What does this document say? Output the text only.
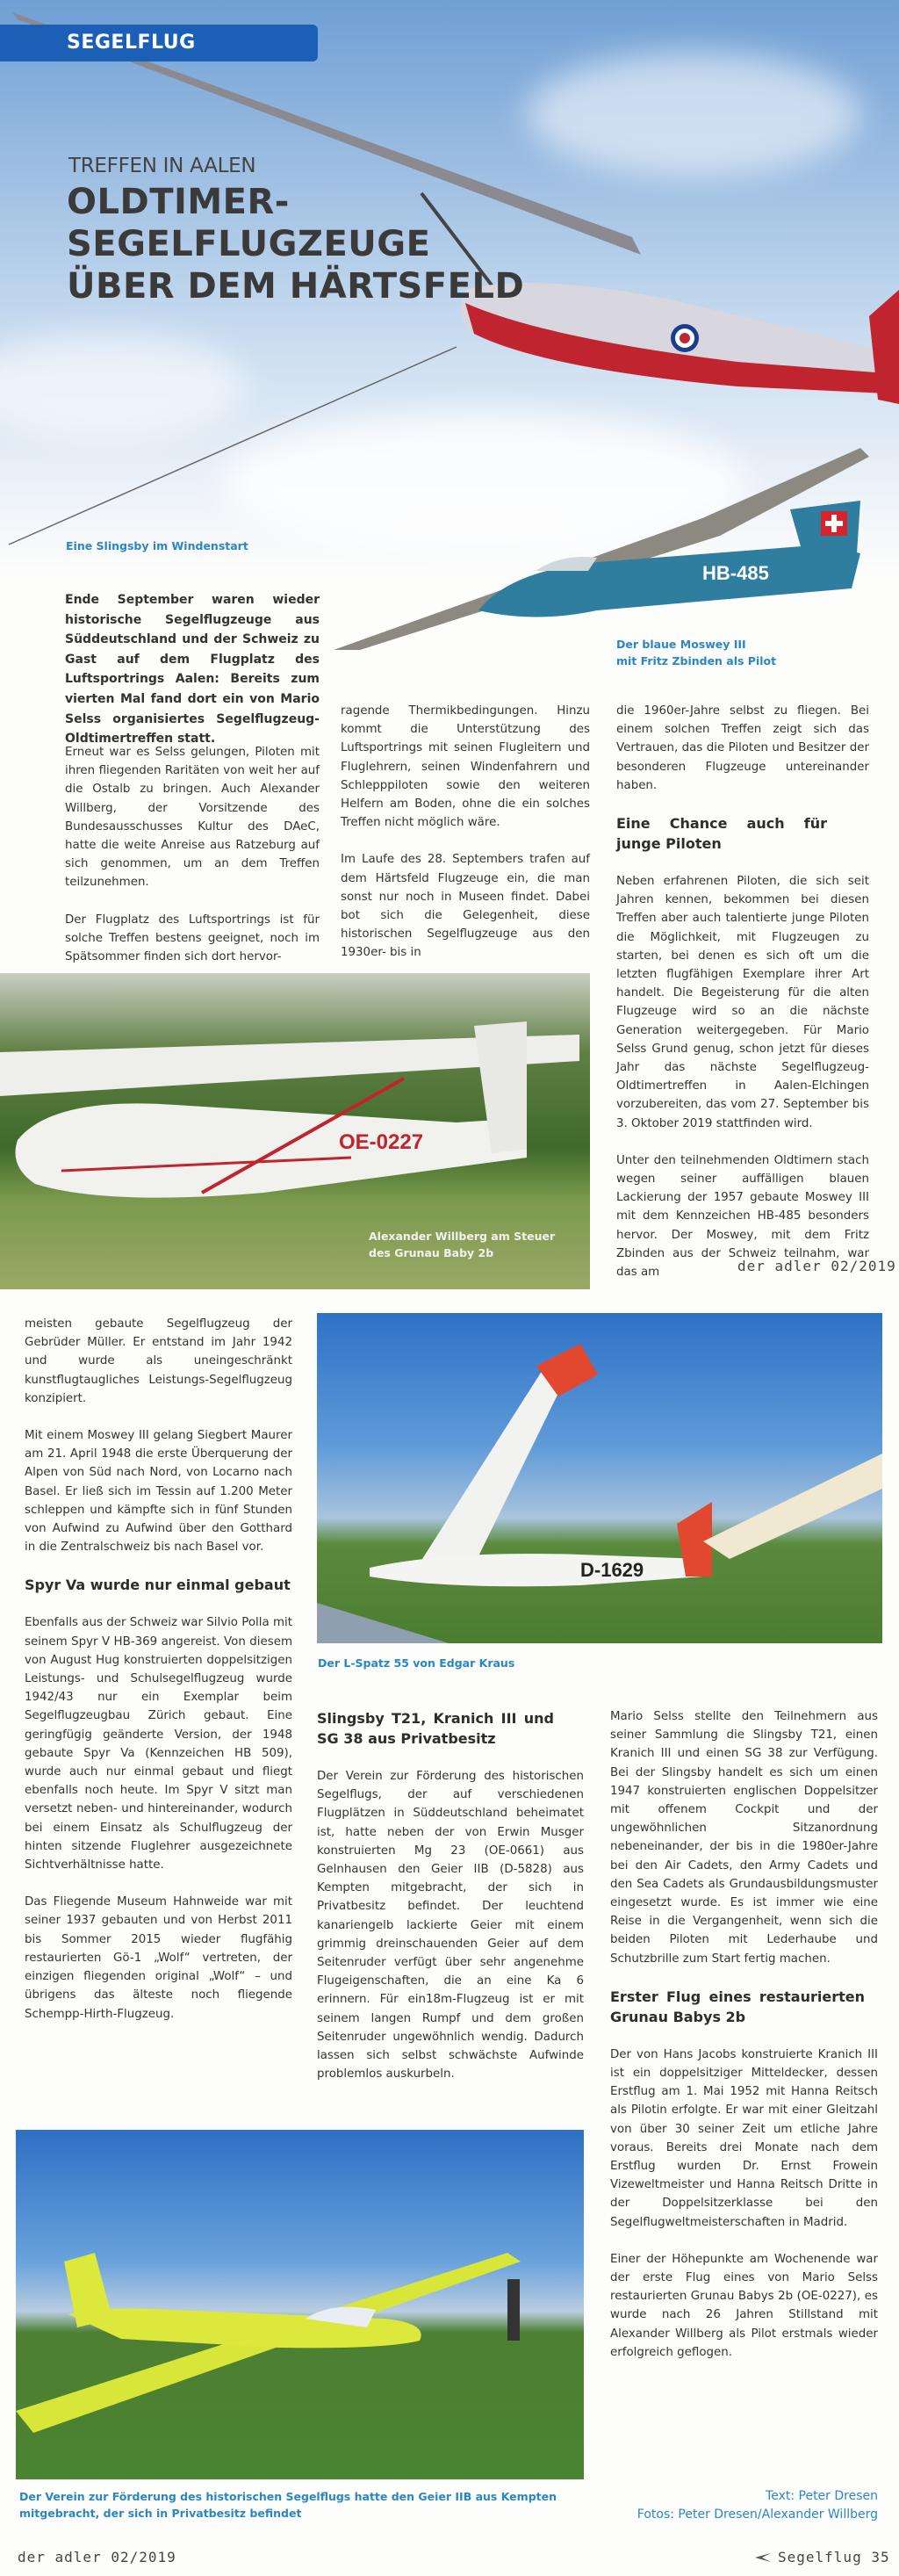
SEGELFLUG
TREFFEN IN AALEN
OLDTIMER-
SEGELFLUGZEUGE
ÜBER DEM HÄRTSFELD
Eine Slingsby im Windenstart
HB-485
Der blaue Moswey III
mit Fritz Zbinden als Pilot
Ende September waren wieder historische Segelflugzeuge aus Süddeutschland und der Schweiz zu Gast auf dem Flugplatz des Luftsportrings Aalen: Bereits zum vierten Mal fand dort ein von Mario Selss organisiertes Segelflugzeug-Oldtimertreffen statt.

Erneut war es Selss gelungen, Piloten mit ihren fliegenden Raritäten von weit her auf die Ostalb zu bringen. Auch Alexander Willberg, der Vorsitzende des Bundesausschusses Kultur des DAeC, hatte die weite Anreise aus Ratzeburg auf sich genommen, um an dem Treffen teilzunehmen.

Der Flugplatz des Luftsportrings ist für solche Treffen bestens geeignet, noch im Spätsommer finden sich dort hervor-

ragende Thermikbedingungen. Hinzu kommt die Unterstützung des Luftsportrings mit seinen Flugleitern und Fluglehrern, seinen Windenfahrern und Schlepppiloten sowie den weiteren Helfern am Boden, ohne die ein solches Treffen nicht möglich wäre.

Im Laufe des 28. Septembers trafen auf dem Härtsfeld Flugzeuge ein, die man sonst nur noch in Museen findet. Dabei bot sich die Gelegenheit, diese historischen Segelflugzeuge aus den 1930er- bis in

die 1960er-Jahre selbst zu fliegen. Bei einem solchen Treffen zeigt sich das Vertrauen, das die Piloten und Besitzer der besonderen Flugzeuge untereinander haben.

Eine Chance auch für junge Piloten

Neben erfahrenen Piloten, die sich seit Jahren kennen, bekommen bei diesen Treffen aber auch talentierte junge Piloten die Möglichkeit, mit Flugzeugen zu starten, bei denen es sich oft um die letzten flugfähigen Exemplare ihrer Art handelt. Die Begeisterung für die alten Flugzeuge wird so an die nächste Generation weitergegeben. Für Mario Selss Grund genug, schon jetzt für dieses Jahr das nächste Segelflugzeug-Oldtimertreffen in Aalen-Elchingen vorzubereiten, das vom 27. September bis 3. Oktober 2019 stattfinden wird.

Unter den teilnehmenden Oldtimern stach wegen seiner auffälligen blauen Lackierung der 1957 gebaute Moswey III mit dem Kennzeichen HB-485 besonders hervor. Der Moswey, mit dem Fritz Zbinden aus der Schweiz teilnahm, war das am

OE-0227
Alexander Willberg am Steuer
des Grunau Baby 2b
der adler 02/2019

meisten gebaute Segelflugzeug der Gebrüder Müller. Er entstand im Jahr 1942 und wurde als uneingeschränkt kunstflugtaugliches Leistungs-Segelflugzeug konzipiert.

Mit einem Moswey III gelang Siegbert Maurer am 21. April 1948 die erste Überquerung der Alpen von Süd nach Nord, von Locarno nach Basel. Er ließ sich im Tessin auf 1.200 Meter schleppen und kämpfte sich in fünf Stunden von Aufwind zu Aufwind über den Gotthard in die Zentralschweiz bis nach Basel vor.

Spyr Va wurde nur einmal gebaut

Ebenfalls aus der Schweiz war Silvio Polla mit seinem Spyr V HB-369 angereist. Von diesem von August Hug konstruierten doppelsitzigen Leistungs- und Schulsegelflugzeug wurde 1942/43 nur ein Exemplar beim Segelflugzeugbau Zürich gebaut. Eine geringfügig geänderte Version, der 1948 gebaute Spyr Va (Kennzeichen HB 509), wurde auch nur einmal gebaut und fliegt ebenfalls noch heute. Im Spyr V sitzt man versetzt neben- und hintereinander, wodurch bei einem Einsatz als Schulflugzeug der hinten sitzende Fluglehrer ausgezeichnete Sichtverhältnisse hatte.

Das Fliegende Museum Hahnweide war mit seiner 1937 gebauten und von Herbst 2011 bis Sommer 2015 wieder flugfähig restaurierten Gö-1 „Wolf“ vertreten, der einzigen fliegenden original „Wolf“ – und übrigens das älteste noch fliegende Schempp-Hirth-Flugzeug.

D-1629
Der L-Spatz 55 von Edgar Kraus
Slingsby T21, Kranich III und SG 38 aus Privatbesitz

Der Verein zur Förderung des historischen Segelflugs, der auf verschiedenen Flugplätzen in Süddeutschland beheimatet ist, hatte neben der von Erwin Musger konstruierten Mg 23 (OE-0661) aus Gelnhausen den Geier IIB (D-5828) aus Kempten mitgebracht, der sich in Privatbesitz befindet. Der leuchtend kanariengelb lackierte Geier mit einem grimmig dreinschauenden Geier auf dem Seitenruder verfügt über sehr angenehme Flugeigenschaften, die an eine Ka 6 erinnern. Für ein18m-Flugzeug ist er mit seinem langen Rumpf und dem großen Seitenruder ungewöhnlich wendig. Dadurch lassen sich selbst schwächste Aufwinde problemlos auskurbeln.

Mario Selss stellte den Teilnehmern aus seiner Sammlung die Slingsby T21, einen Kranich III und einen SG 38 zur Verfügung. Bei der Slingsby handelt es sich um einen 1947 konstruierten englischen Doppelsitzer mit offenem Cockpit und der ungewöhnlichen Sitzanordnung nebeneinander, der bis in die 1980er-Jahre bei den Air Cadets, den Army Cadets und den Sea Cadets als Grundausbildungsmuster eingesetzt wurde. Es ist immer wie eine Reise in die Vergangenheit, wenn sich die beiden Piloten mit Lederhaube und Schutzbrille zum Start fertig machen.

Erster Flug eines restaurierten Grunau Babys 2b

Der von Hans Jacobs konstruierte Kranich III ist ein doppelsitziger Mitteldecker, dessen Erstflug am 1. Mai 1952 mit Hanna Reitsch als Pilotin erfolgte. Er war mit einer Gleitzahl von über 30 seiner Zeit um etliche Jahre voraus. Bereits drei Monate nach dem Erstflug wurden Dr. Ernst Frowein Vizeweltmeister und Hanna Reitsch Dritte in der Doppelsitzerklasse bei den Segelflugweltmeisterschaften in Madrid.

Einer der Höhepunkte am Wochenende war der erste Flug eines von Mario Selss restaurierten Grunau Babys 2b (OE-0227), es wurde nach 26 Jahren Stillstand mit Alexander Willberg als Pilot erstmals wieder erfolgreich geflogen.

Der Verein zur Förderung des historischen Segelflugs hatte den Geier IIB aus Kempten
mitgebracht, der sich in Privatbesitz befindet
Text: Peter Dresen
Fotos: Peter Dresen/Alexander Willberg
der adler 02/2019	Segelflug 35
